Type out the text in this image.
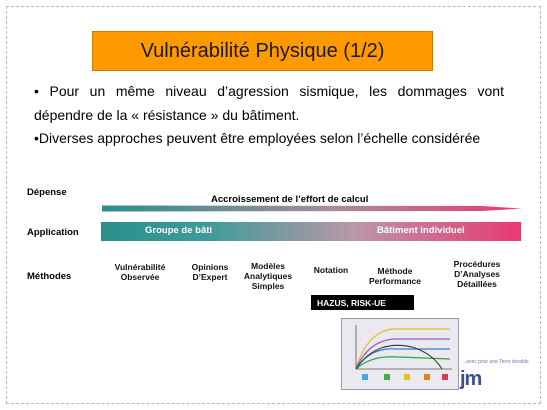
Vulnérabilité Physique (1/2)

• Pour un même niveau d’agression sismique, les dommages vont dépendre de la « résistance » du bâtiment.

•Diverses approches peuvent être employées selon l’échelle considérée

Dépense
Application
Méthodes
Accroissement de l’effort de calcul
Groupe de bâti	Bâtiment individuel
Vulnérabilité Observée
Opinions D’Expert
Modèles Analytiques Simples
Notation	Méthode Performance
Procédures D’Analyses Détaillées
HAZUS, RISK-UE
...avec pour une Terre durable
jm
